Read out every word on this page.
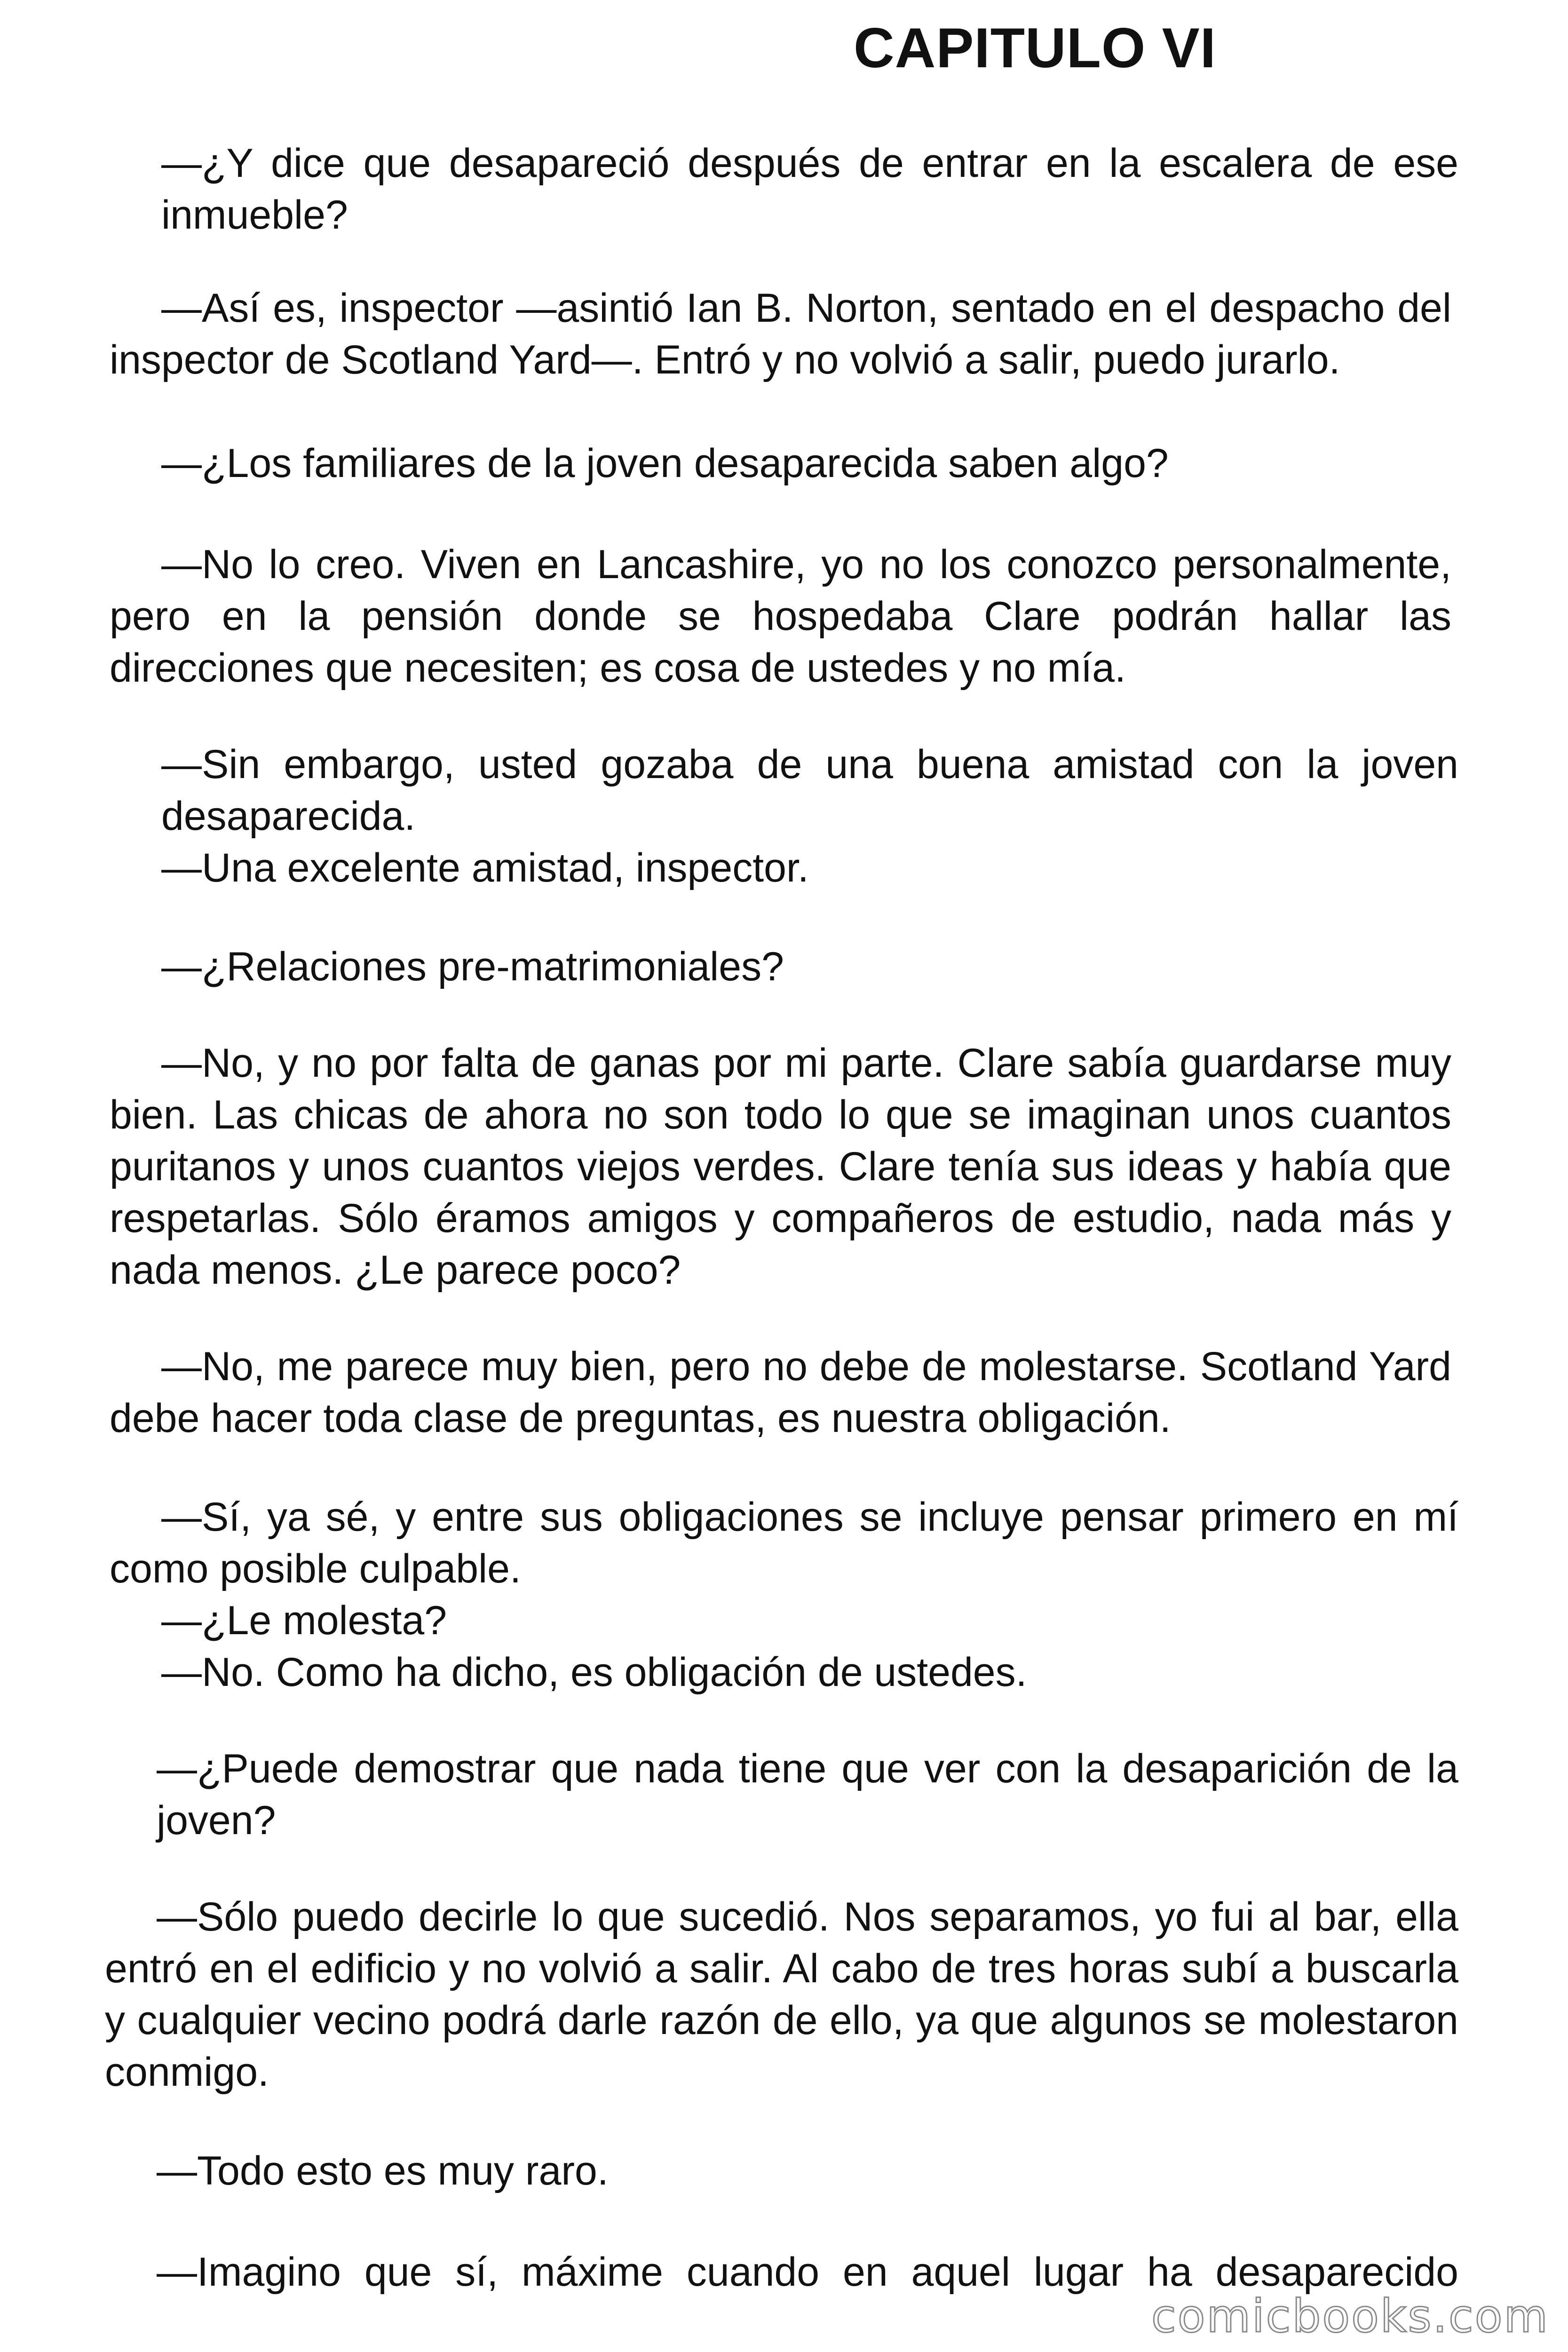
CAPITULO VI

—¿Y dice que desapareció después de entrar en la escalera de ese inmueble?

—Así es, inspector —asintió Ian B. Norton, sentado en el despacho del inspector de Scotland Yard—. Entró y no volvió a salir, puedo jurarlo.

—¿Los familiares de la joven desaparecida saben algo?

—No lo creo. Viven en Lancashire, yo no los conozco personalmente, pero en la pensión donde se hospedaba Clare podrán hallar las direcciones que necesiten; es cosa de ustedes y no mía.

—Sin embargo, usted gozaba de una buena amistad con la joven desaparecida.

—Una excelente amistad, inspector.

—¿Relaciones pre-matrimoniales?

—No, y no por falta de ganas por mi parte. Clare sabía guardarse muy bien. Las chicas de ahora no son todo lo que se imaginan unos cuantos puritanos y unos cuantos viejos verdes. Clare tenía sus ideas y había que respetarlas. Sólo éramos amigos y compañeros de estudio, nada más y nada menos. ¿Le parece poco?

—No, me parece muy bien, pero no debe de molestarse. Scotland Yard debe hacer toda clase de preguntas, es nuestra obligación.

—Sí, ya sé, y entre sus obligaciones se incluye pensar primero en mí como posible culpable.

—¿Le molesta?

—No. Como ha dicho, es obligación de ustedes.

—¿Puede demostrar que nada tiene que ver con la desaparición de la joven?

—Sólo puedo decirle lo que sucedió. Nos separamos, yo fui al bar, ella entró en el edificio y no volvió a salir. Al cabo de tres horas subí a buscarla y cualquier vecino podrá darle razón de ello, ya que algunos se molestaron conmigo.

—Todo esto es muy raro.

—Imagino que sí, máxime cuando en aquel lugar ha desaparecido

comicbooks.com
